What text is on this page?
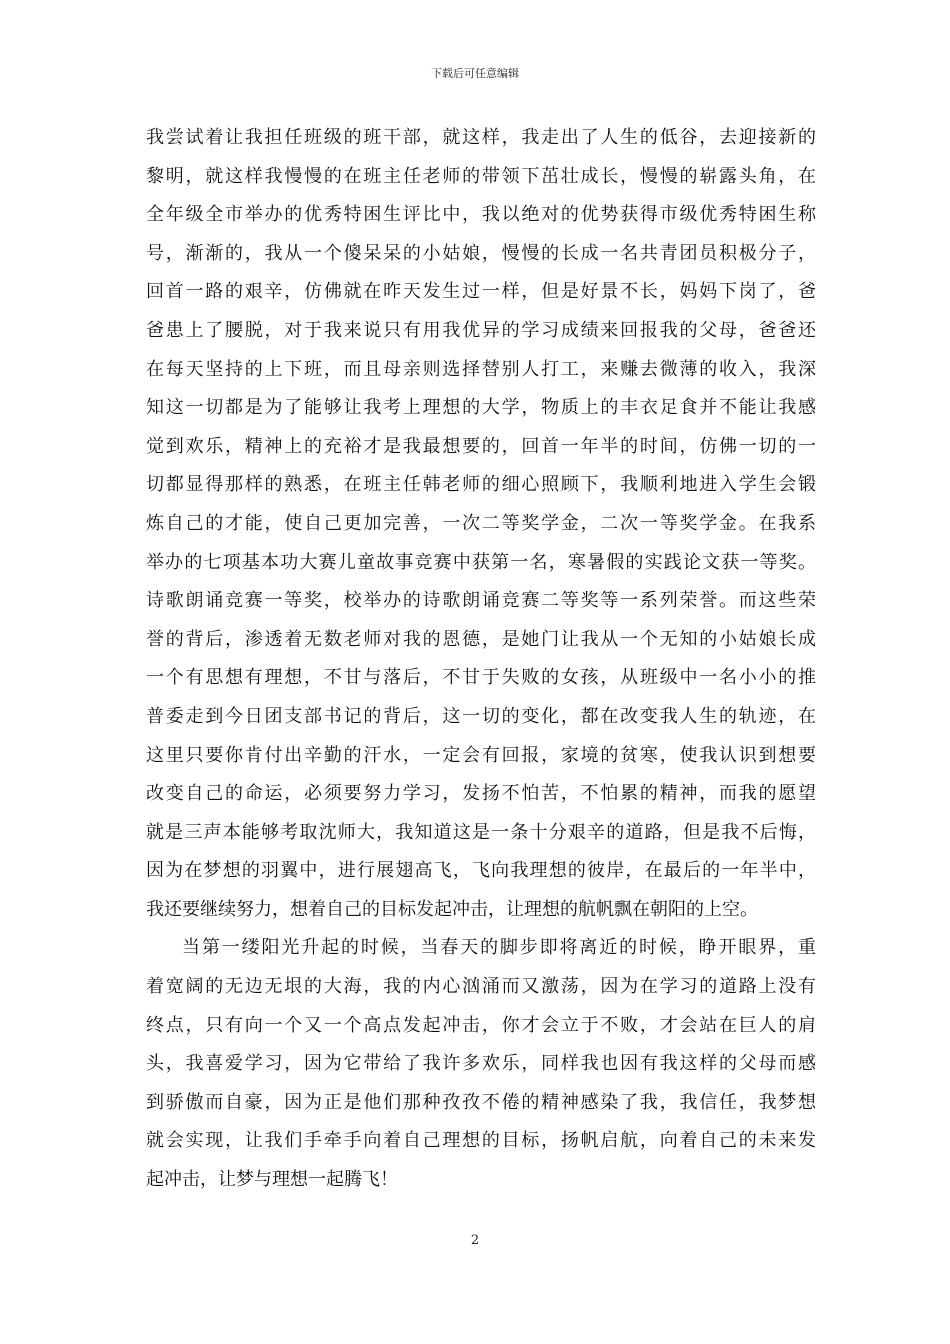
下载后可任意编辑
我尝试着让我担任班级的班干部，就这样，我走出了人生的低谷，去迎接新的
黎明，就这样我慢慢的在班主任老师的带领下茁壮成长，慢慢的崭露头角，在
全年级全市举办的优秀特困生评比中，我以绝对的优势获得市级优秀特困生称
号，渐渐的，我从一个傻呆呆的小姑娘，慢慢的长成一名共青团员积极分子，
回首一路的艰辛，仿佛就在昨天发生过一样，但是好景不长，妈妈下岗了，爸
爸患上了腰脱，对于我来说只有用我优异的学习成绩来回报我的父母，爸爸还
在每天坚持的上下班，而且母亲则选择替别人打工，来赚去微薄的收入，我深
知这一切都是为了能够让我考上理想的大学，物质上的丰衣足食并不能让我感
觉到欢乐，精神上的充裕才是我最想要的，回首一年半的时间，仿佛一切的一
切都显得那样的熟悉，在班主任韩老师的细心照顾下，我顺利地进入学生会锻
炼自己的才能，使自己更加完善，一次二等奖学金，二次一等奖学金。在我系
举办的七项基本功大赛儿童故事竞赛中获第一名，寒暑假的实践论文获一等奖。
诗歌朗诵竞赛一等奖，校举办的诗歌朗诵竞赛二等奖等一系列荣誉。而这些荣
誉的背后，渗透着无数老师对我的恩德，是她门让我从一个无知的小姑娘长成
一个有思想有理想，不甘与落后，不甘于失败的女孩，从班级中一名小小的推
普委走到今日团支部书记的背后，这一切的变化，都在改变我人生的轨迹，在
这里只要你肯付出辛勤的汗水，一定会有回报，家境的贫寒，使我认识到想要
改变自己的命运，必须要努力学习，发扬不怕苦，不怕累的精神，而我的愿望
就是三声本能够考取沈师大，我知道这是一条十分艰辛的道路，但是我不后悔，
因为在梦想的羽翼中，进行展翅高飞，飞向我理想的彼岸，在最后的一年半中，
我还要继续努力，想着自己的目标发起冲击，让理想的航帆飘在朝阳的上空。
当第一缕阳光升起的时候，当春天的脚步即将离近的时候，睁开眼界，重
着宽阔的无边无垠的大海，我的内心汹涌而又激荡，因为在学习的道路上没有
终点，只有向一个又一个高点发起冲击，你才会立于不败，才会站在巨人的肩
头，我喜爱学习，因为它带给了我许多欢乐，同样我也因有我这样的父母而感
到骄傲而自豪，因为正是他们那种孜孜不倦的精神感染了我，我信任，我梦想
就会实现，让我们手牵手向着自己理想的目标，扬帆启航，向着自己的未来发
起冲击，让梦与理想一起腾飞！
2
